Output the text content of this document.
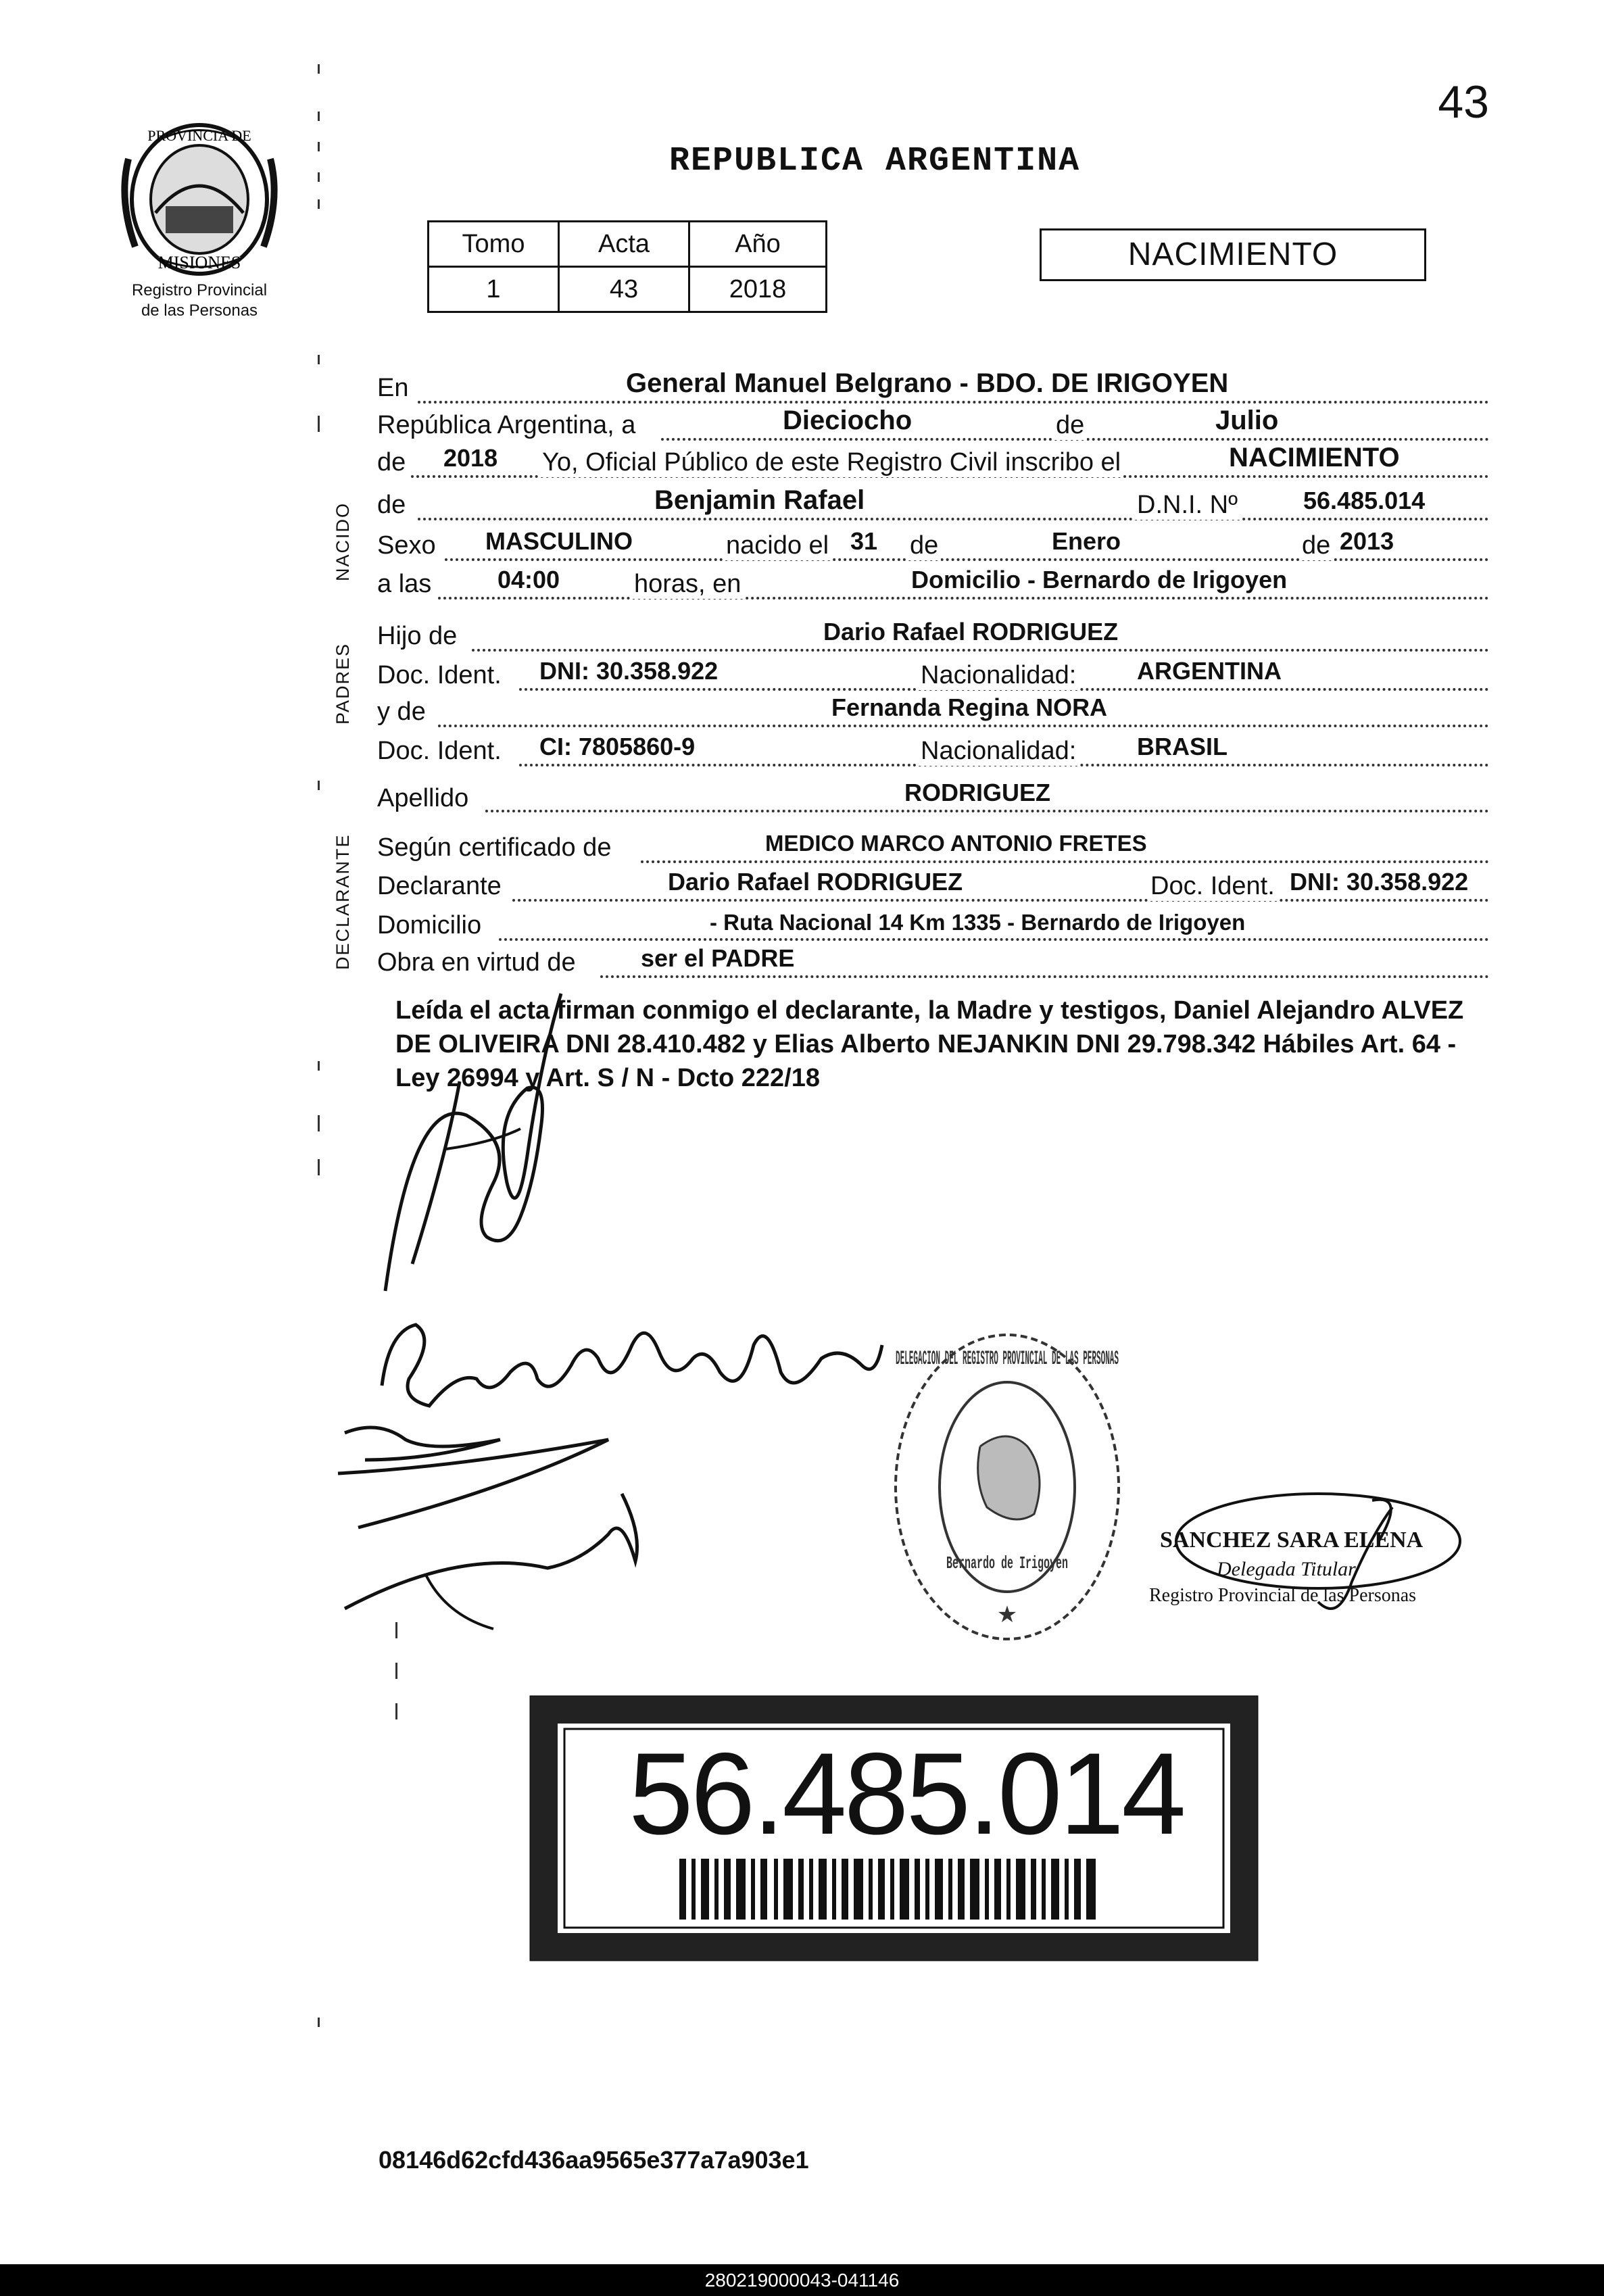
43
PROVINCIA DE
MISIONES
Registro Provincial
de las Personas
REPUBLICA ARGENTINA
Tomo	Acta	Año
1	43	2018
NACIMIENTO
NACIDO
PADRES
DECLARANTE
En	General Manuel Belgrano - BDO. DE IRIGOYEN
República Argentina, a	Dieciocho	de	Julio
de 2018 Yo, Oficial Público de este Registro Civil inscribo el	NACIMIENTO
de	Benjamin Rafael	D.N.I. Nº	56.485.014
Sexo MASCULINO	nacido el 31 de	Enero	de 2013
a las	04:00	horas, en	Domicilio - Bernardo de Irigoyen
Hijo de	Dario Rafael RODRIGUEZ
Doc. Ident. DNI: 30.358.922	Nacionalidad: ARGENTINA
y de	Fernanda Regina NORA
Doc. Ident. CI: 7805860-9	Nacionalidad: BRASIL
Apellido	RODRIGUEZ
Según certificado de	MEDICO MARCO ANTONIO FRETES
Declarante	Dario Rafael RODRIGUEZ	Doc. Ident. DNI: 30.358.922
Domicilio	- Ruta Nacional 14 Km 1335 - Bernardo de Irigoyen
Obra en virtud de	ser el PADRE
Leída el acta firman conmigo el declarante, la Madre y testigos, Daniel Alejandro ALVEZ DE OLIVEIRA DNI 28.410.482 y Elias Alberto NEJANKIN DNI 29.798.342 Hábiles Art. 64 - Ley 26994 y Art. S / N - Dcto 222/18
Fernanda Regina Nora
DELEGACION DEL REGISTRO PROVINCIAL DE LAS PERSONAS
Bernardo de Irigoyen
★
SANCHEZ SARA ELENA
Delegada Titular
Registro Provincial de las Personas
56.485.014
08146d62cfd436aa9565e377a7a903e1
280219000043-041146
